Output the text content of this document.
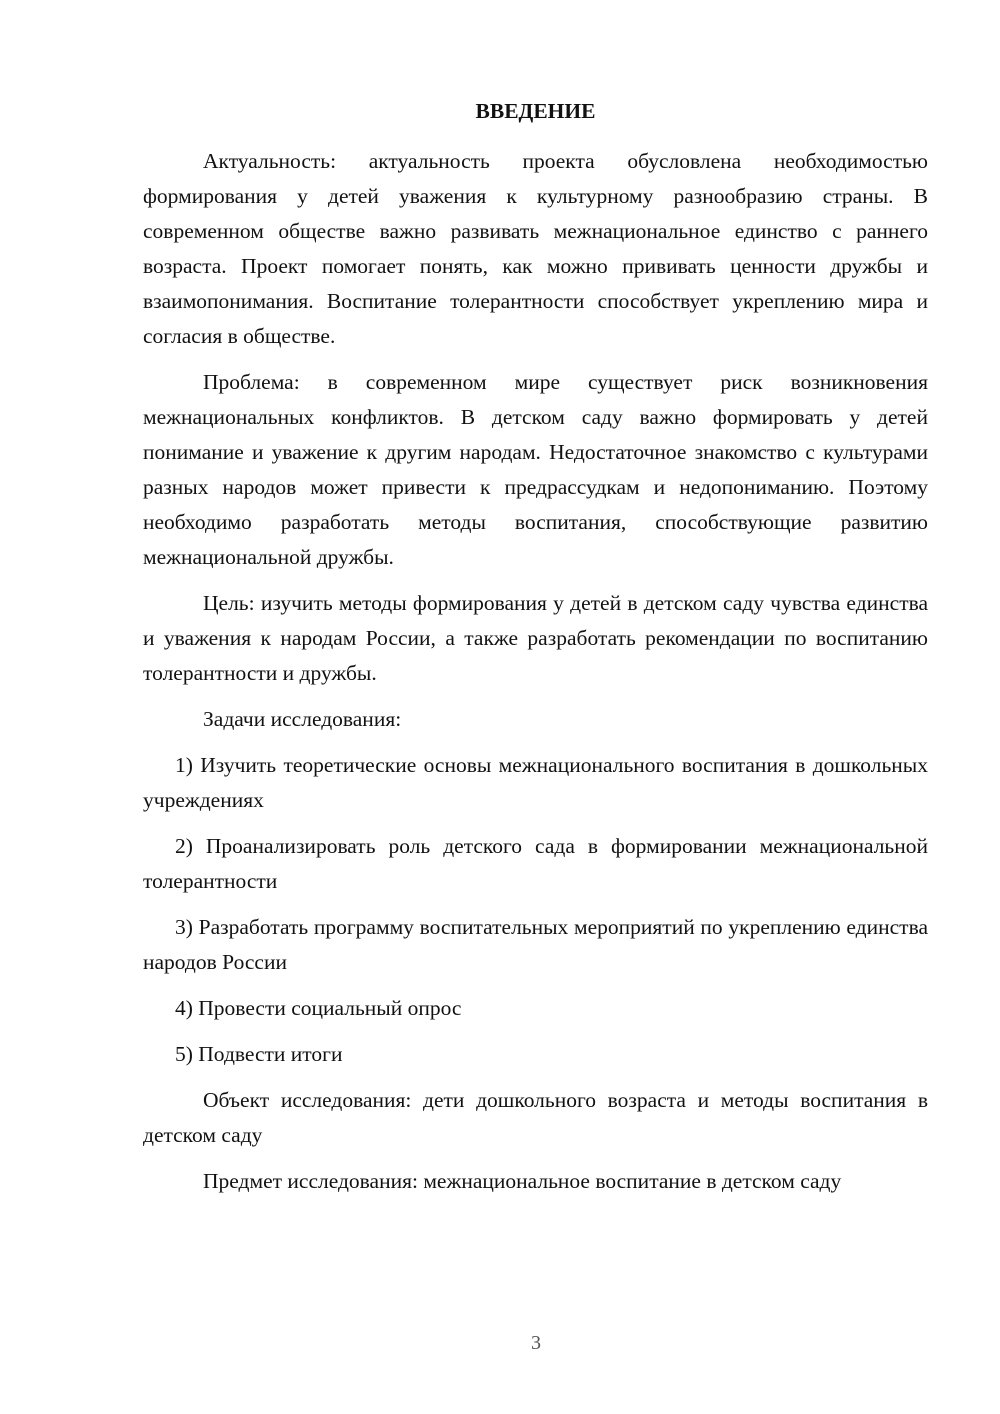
ВВЕДЕНИЕ

Актуальность: актуальность проекта обусловлена необходимостью формирования у детей уважения к культурному разнообразию страны. В современном обществе важно развивать межнациональное единство с раннего возраста. Проект помогает понять, как можно прививать ценности дружбы и взаимопонимания. Воспитание толерантности способствует укреплению мира и согласия в обществе.

Проблема: в современном мире существует риск возникновения межнациональных конфликтов. В детском саду важно формировать у детей понимание и уважение к другим народам. Недостаточное знакомство с культурами разных народов может привести к предрассудкам и недопониманию. Поэтому необходимо разработать методы воспитания, способствующие развитию межнациональной дружбы.

Цель: изучить методы формирования у детей в детском саду чувства единства и уважения к народам России, а также разработать рекомендации по воспитанию толерантности и дружбы.

Задачи исследования:

1) Изучить теоретические основы межнационального воспитания в дошкольных учреждениях

2) Проанализировать роль детского сада в формировании межнациональной толерантности

3) Разработать программу воспитательных мероприятий по укреплению единства народов России

4) Провести социальный опрос

5) Подвести итоги

Объект исследования: дети дошкольного возраста и методы воспитания в детском саду

Предмет исследования: межнациональное воспитание в детском саду

3
